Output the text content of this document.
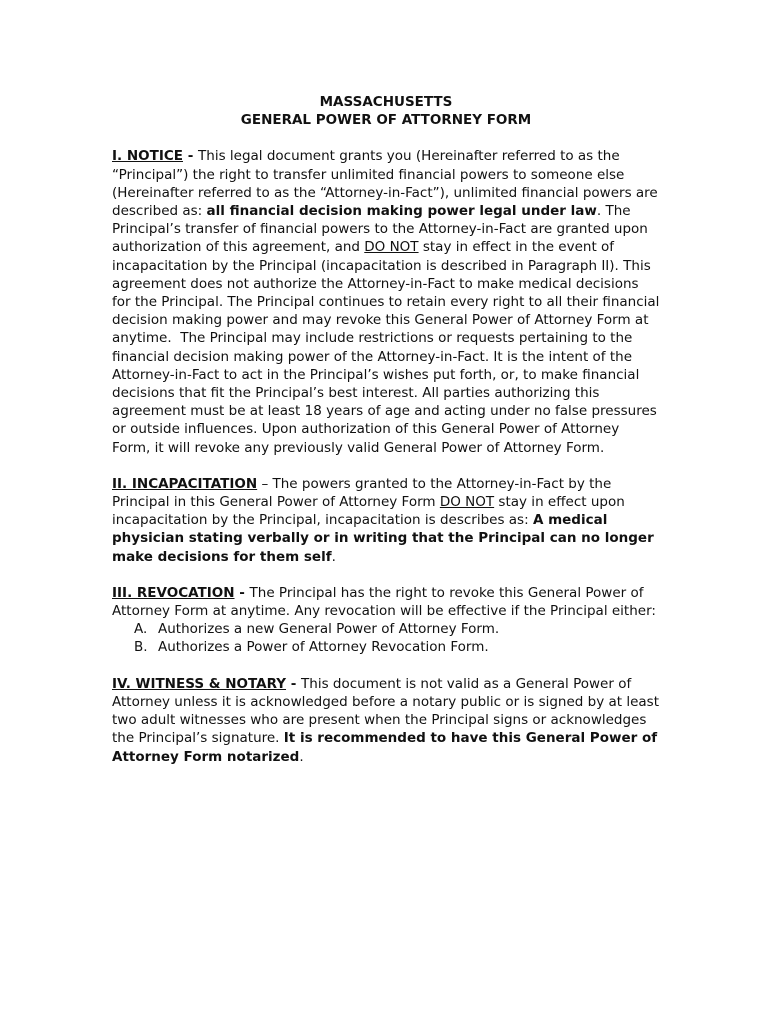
MASSACHUSETTS
GENERAL POWER OF ATTORNEY FORM

I. NOTICE - This legal document grants you (Hereinafter referred to as the “Principal”) the right to transfer unlimited financial powers to someone else (Hereinafter referred to as the “Attorney-in-Fact”), unlimited financial powers are described as: all financial decision making power legal under law. The Principal’s transfer of financial powers to the Attorney-in-Fact are granted upon authorization of this agreement, and DO NOT stay in effect in the event of incapacitation by the Principal (incapacitation is described in Paragraph II). This agreement does not authorize the Attorney-in-Fact to make medical decisions for the Principal. The Principal continues to retain every right to all their financial decision making power and may revoke this General Power of Attorney Form at anytime.  The Principal may include restrictions or requests pertaining to the financial decision making power of the Attorney-in-Fact. It is the intent of the Attorney-in-Fact to act in the Principal’s wishes put forth, or, to make financial decisions that fit the Principal’s best interest. All parties authorizing this agreement must be at least 18 years of age and acting under no false pressures or outside influences. Upon authorization of this General Power of Attorney Form, it will revoke any previously valid General Power of Attorney Form.

II. INCAPACITATION – The powers granted to the Attorney-in-Fact by the Principal in this General Power of Attorney Form DO NOT stay in effect upon incapacitation by the Principal, incapacitation is describes as: A medical physician stating verbally or in writing that the Principal can no longer make decisions for them self.

III. REVOCATION - The Principal has the right to revoke this General Power of Attorney Form at anytime. Any revocation will be effective if the Principal either:

A. Authorizes a new General Power of Attorney Form.
B. Authorizes a Power of Attorney Revocation Form.

IV. WITNESS & NOTARY - This document is not valid as a General Power of Attorney unless it is acknowledged before a notary public or is signed by at least two adult witnesses who are present when the Principal signs or acknowledges the Principal’s signature. It is recommended to have this General Power of Attorney Form notarized.
